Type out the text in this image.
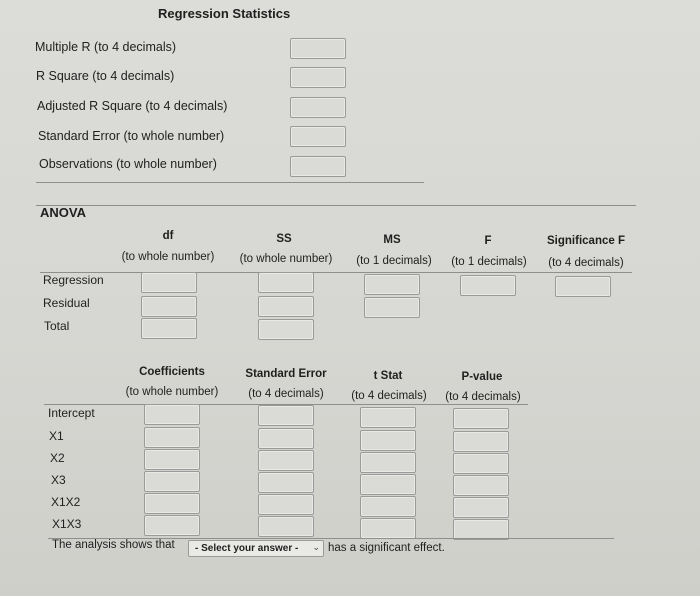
Regression Statistics
Multiple R (to 4 decimals)
R Square (to 4 decimals)
Adjusted R Square (to 4 decimals)
Standard Error (to whole number)
Observations (to whole number)
ANOVA
df	SS	MS	F	Significance F
(to whole number)	(to whole number)	(to 1 decimals)	(to 1 decimals)	(to 4 decimals)
Regression
Residual
Total
Coefficients	Standard Error	t Stat	P-value
(to whole number)	(to 4 decimals)	(to 4 decimals)	(to 4 decimals)
Intercept
X1
X2
X3
X1X2
X1X3
The analysis shows that	- Select your answer - ⌄ has a significant effect.
